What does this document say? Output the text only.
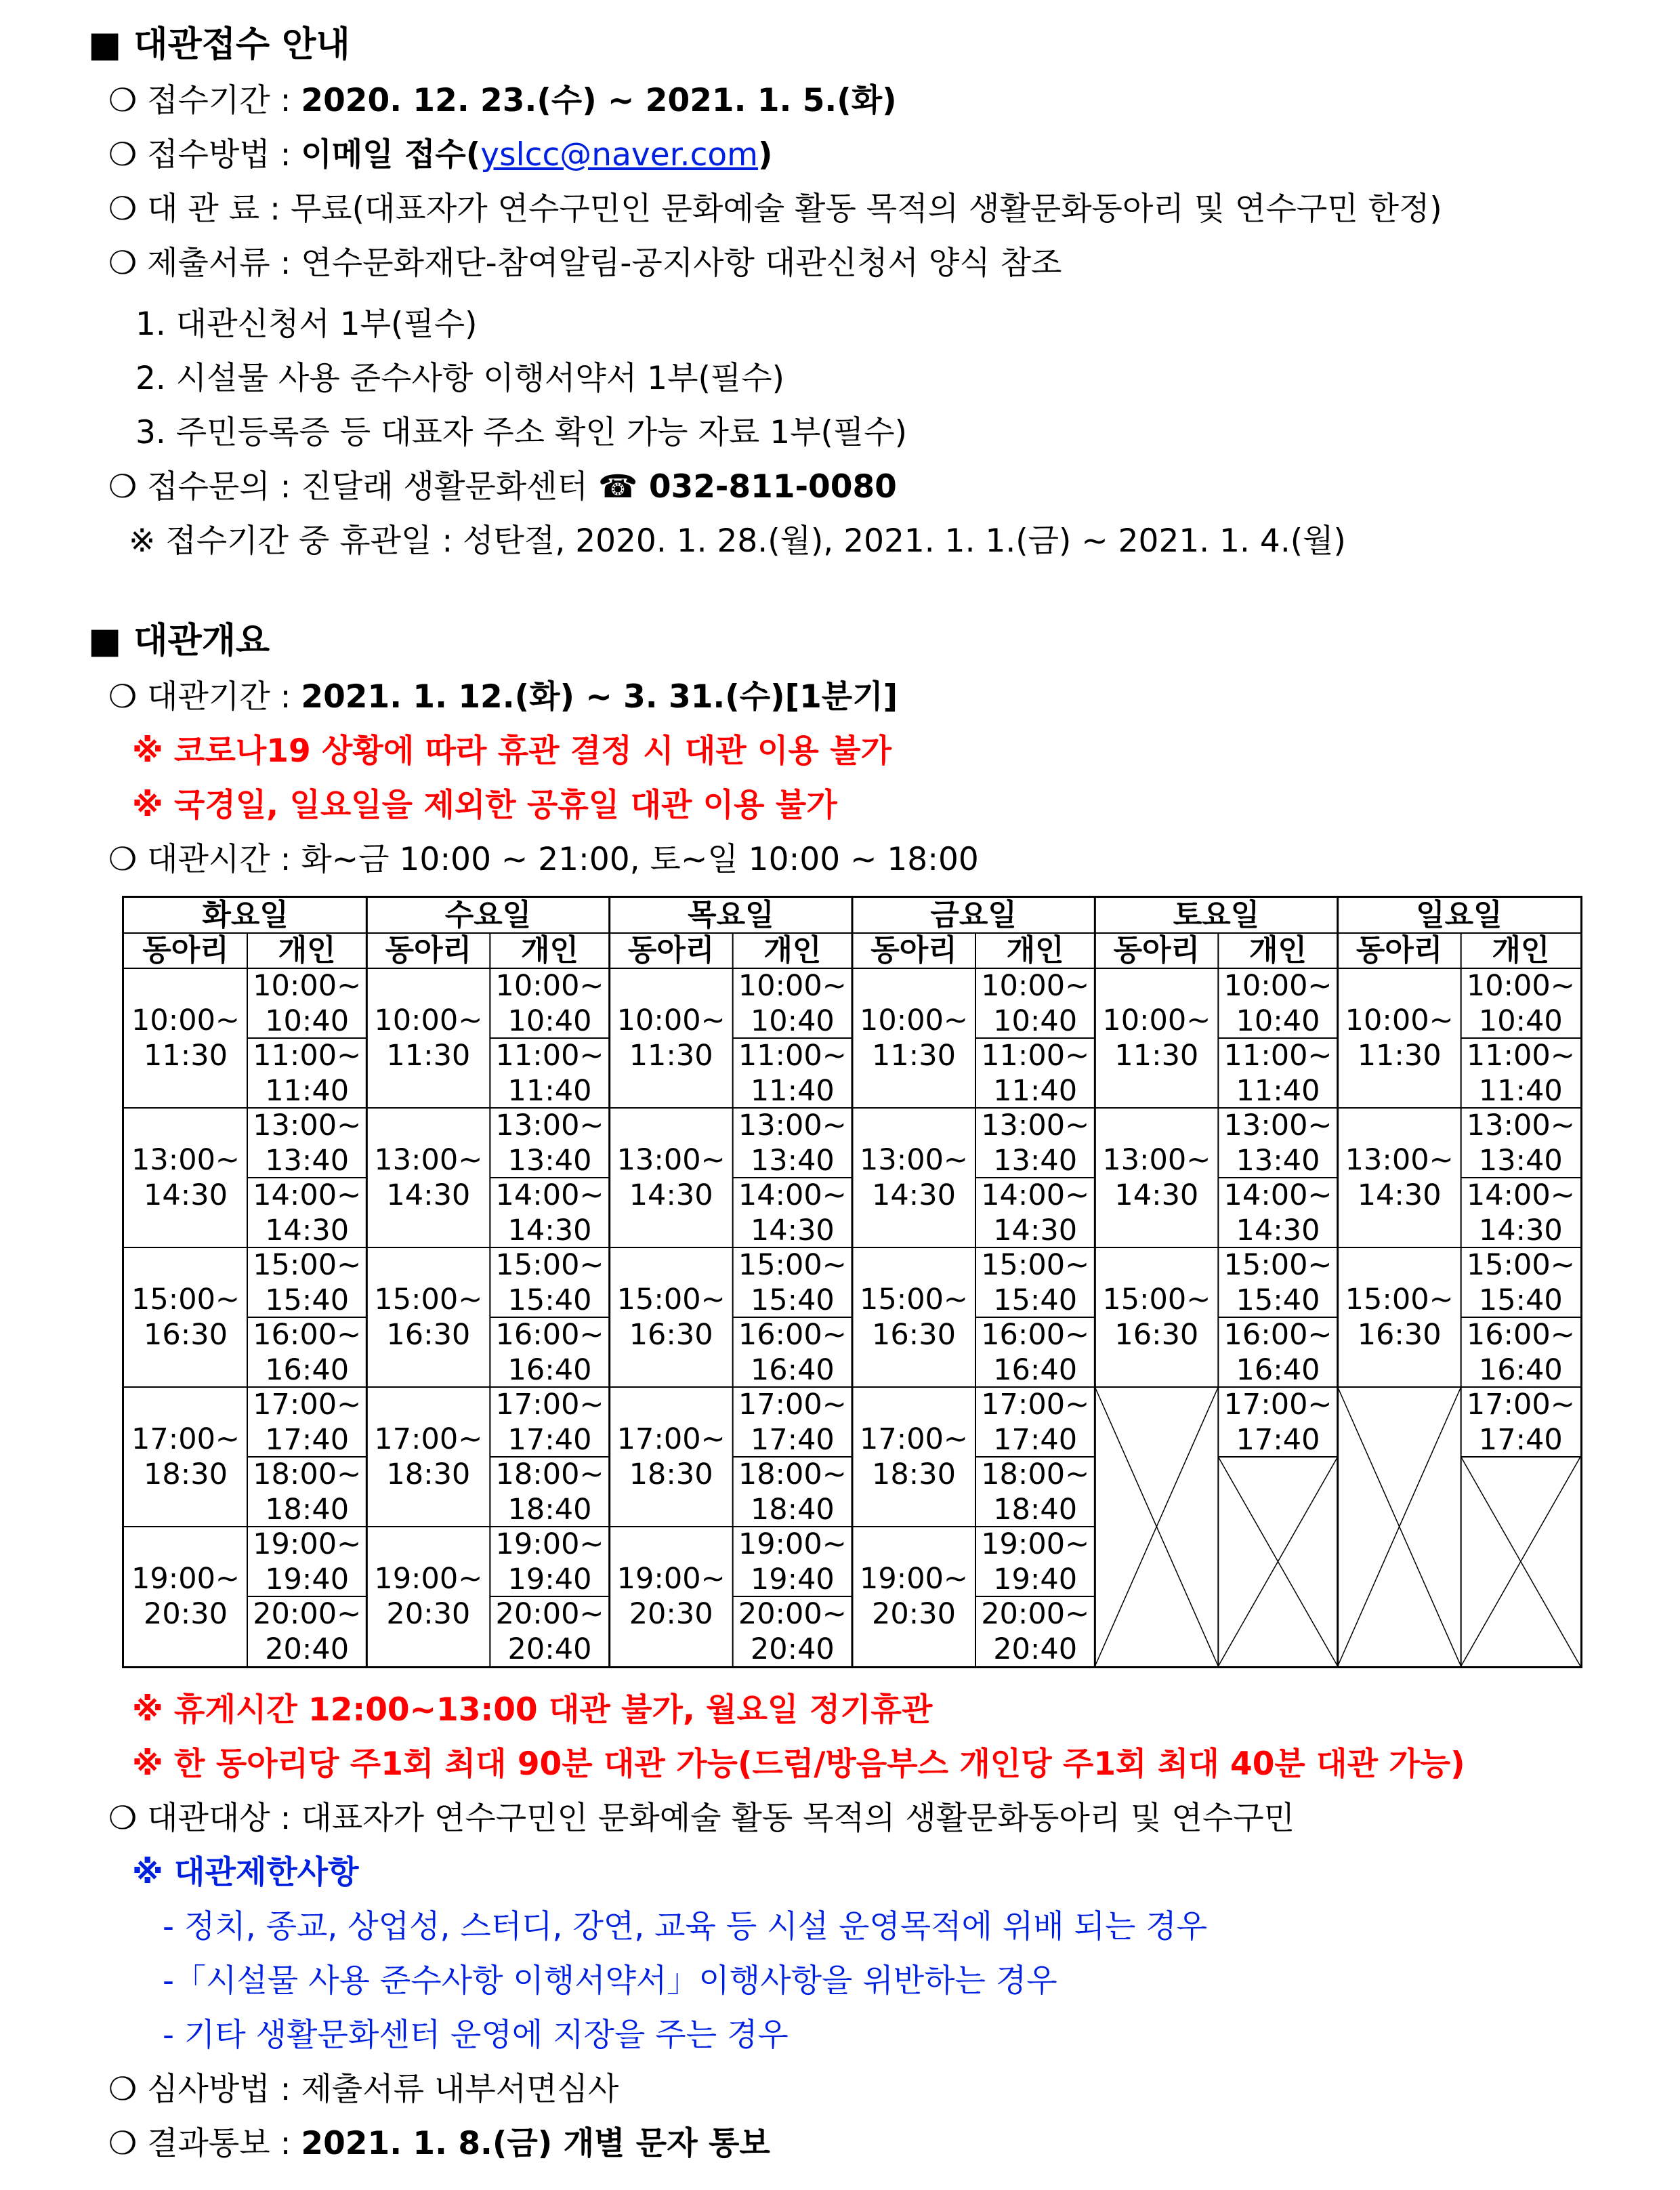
■ 대관접수 안내
❍ 접수기간 : 2020. 12. 23.(수) ~ 2021. 1. 5.(화)
❍ 접수방법 : 이메일 접수(yslcc@naver.com)
❍ 대 관 료 : 무료(대표자가 연수구민인 문화예술 활동 목적의 생활문화동아리 및 연수구민 한정)
❍ 제출서류 : 연수문화재단-참여알림-공지사항 대관신청서 양식 참조
1. 대관신청서 1부(필수)
2. 시설물 사용 준수사항 이행서약서 1부(필수)
3. 주민등록증 등 대표자 주소 확인 가능 자료 1부(필수)
❍ 접수문의 : 진달래 생활문화센터 ☎ 032-811-0080
※ 접수기간 중 휴관일 : 성탄절, 2020. 1. 28.(월), 2021. 1. 1.(금) ~ 2021. 1. 4.(월)
■ 대관개요
❍ 대관기간 : 2021. 1. 12.(화) ~ 3. 31.(수)[1분기]
※ 코로나19 상황에 따라 휴관 결정 시 대관 이용 불가
※ 국경일, 일요일을 제외한 공휴일 대관 이용 불가
❍ 대관시간 : 화~금 10:00 ~ 21:00, 토~일 10:00 ~ 18:00
화요일
동아리 개인
10:00~
11:30
13:00~
14:30
15:00~
16:30
17:00~
18:30
19:00~
20:30
10:00~
10:40
11:00~
11:40
13:00~
13:40
14:00~
14:30
15:00~
15:40
16:00~
16:40
17:00~
17:40
18:00~
18:40
19:00~
19:40
20:00~
20:40
수요일
동아리 개인
10:00~
11:30
13:00~
14:30
15:00~
16:30
17:00~
18:30
19:00~
20:30
10:00~
10:40
11:00~
11:40
13:00~
13:40
14:00~
14:30
15:00~
15:40
16:00~
16:40
17:00~
17:40
18:00~
18:40
19:00~
19:40
20:00~
20:40
목요일
동아리 개인
10:00~
11:30
13:00~
14:30
15:00~
16:30
17:00~
18:30
19:00~
20:30
10:00~
10:40
11:00~
11:40
13:00~
13:40
14:00~
14:30
15:00~
15:40
16:00~
16:40
17:00~
17:40
18:00~
18:40
19:00~
19:40
20:00~
20:40
금요일
동아리 개인
10:00~
11:30
13:00~
14:30
15:00~
16:30
17:00~
18:30
19:00~
20:30
10:00~
10:40
11:00~
11:40
13:00~
13:40
14:00~
14:30
15:00~
15:40
16:00~
16:40
17:00~
17:40
18:00~
18:40
19:00~
19:40
20:00~
20:40
토요일
동아리 개인
10:00~
11:30
13:00~
14:30
15:00~
16:30
10:00~
10:40
11:00~
11:40
13:00~
13:40
14:00~
14:30
15:00~
15:40
16:00~
16:40
17:00~
17:40
일요일
동아리 개인
10:00~
11:30
13:00~
14:30
15:00~
16:30
10:00~
10:40
11:00~
11:40
13:00~
13:40
14:00~
14:30
15:00~
15:40
16:00~
16:40
17:00~
17:40
※ 휴게시간 12:00~13:00 대관 불가, 월요일 정기휴관
※ 한 동아리당 주1회 최대 90분 대관 가능(드럼/방음부스 개인당 주1회 최대 40분 대관 가능)
❍ 대관대상 : 대표자가 연수구민인 문화예술 활동 목적의 생활문화동아리 및 연수구민
※ 대관제한사항
- 정치, 종교, 상업성, 스터디, 강연, 교육 등 시설 운영목적에 위배 되는 경우
-「시설물 사용 준수사항 이행서약서」이행사항을 위반하는 경우
- 기타 생활문화센터 운영에 지장을 주는 경우
❍ 심사방법 : 제출서류 내부서면심사
❍ 결과통보 : 2021. 1. 8.(금) 개별 문자 통보
